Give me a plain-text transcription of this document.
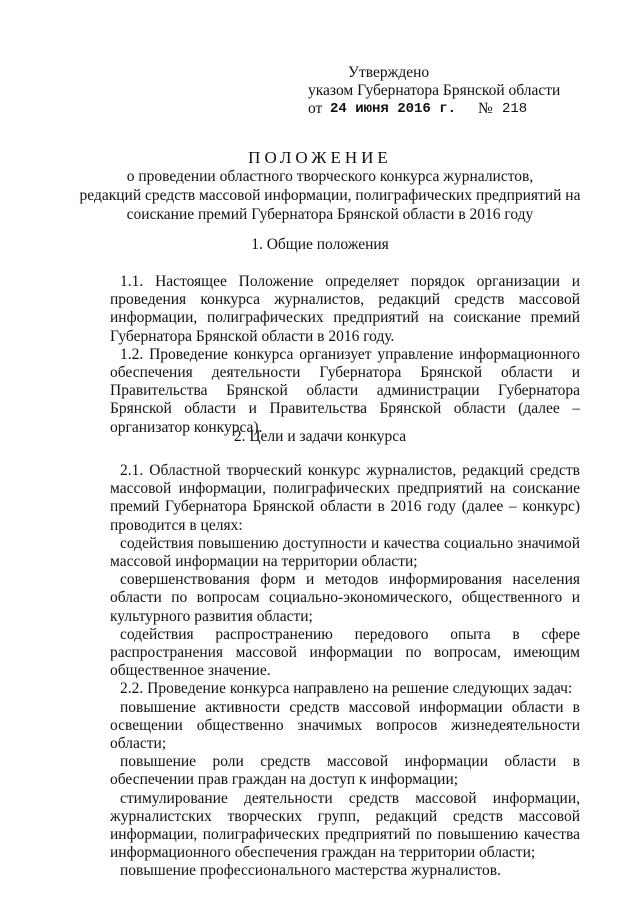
Утверждено
указом Губернатора Брянской области
от 24 июня 2016 г.	№ 218
ПОЛОЖЕНИЕ
о проведении областного творческого конкурса журналистов,
редакций средств массовой информации, полиграфических предприятий на
соискание премий Губернатора Брянской области в 2016 году
1. Общие положения

1.1. Настоящее Положение определяет порядок организации и проведения конкурса журналистов, редакций средств массовой информации, полиграфических предприятий на соискание премий Губернатора Брянской области в 2016 году.

1.2. Проведение конкурса организует управление информационного обеспечения деятельности Губернатора Брянской области и Правительства Брянской области администрации Губернатора Брянской области и Правительства Брянской области (далее – организатор конкурса).

2. Цели и задачи конкурса

2.1. Областной творческий конкурс журналистов, редакций средств массовой информации, полиграфических предприятий на соискание премий Губернатора Брянской области в 2016 году (далее – конкурс) проводится в целях:

содействия повышению доступности и качества социально значимой массовой информации на территории области;

совершенствования форм и методов информирования населения области по вопросам социально-экономического, общественного и культурного развития области;

содействия распространению передового опыта в сфере распространения массовой информации по вопросам, имеющим общественное значение.

2.2. Проведение конкурса направлено на решение следующих задач:

повышение активности средств массовой информации области в освещении общественно значимых вопросов жизнедеятельности области;

повышение роли средств массовой информации области в обеспечении прав граждан на доступ к информации;

стимулирование деятельности средств массовой информации, журналистских творческих групп, редакций средств массовой информации, полиграфических предприятий по повышению качества информационного обеспечения граждан на территории области;

повышение профессионального мастерства журналистов.
